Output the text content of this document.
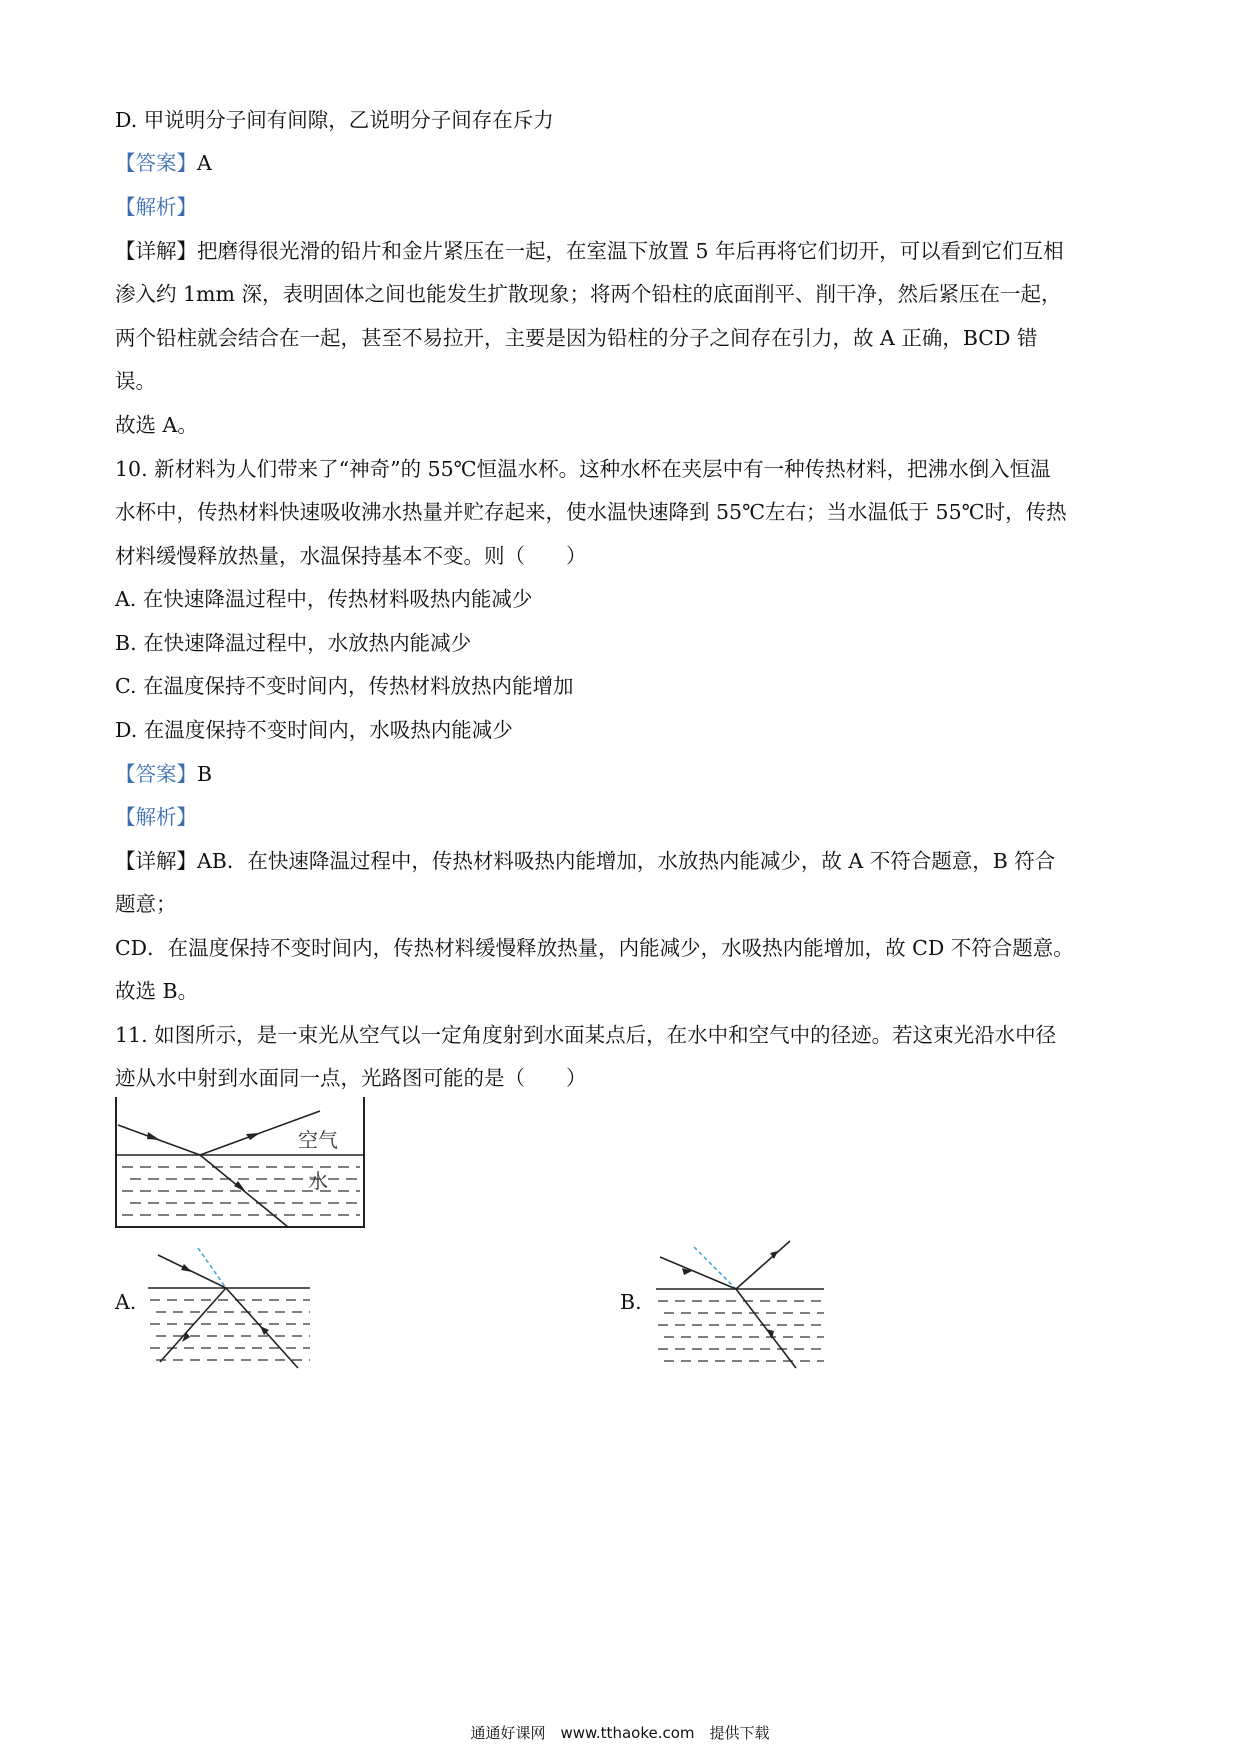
D. 甲说明分子间有间隙，乙说明分子间存在斥力
【答案】A
【解析】
【详解】把磨得很光滑的铅片和金片紧压在一起，在室温下放置 5 年后再将它们切开，可以看到它们互相
渗入约 1mm 深，表明固体之间也能发生扩散现象；将两个铅柱的底面削平、削干净，然后紧压在一起，
两个铅柱就会结合在一起，甚至不易拉开，主要是因为铅柱的分子之间存在引力，故 A 正确，BCD 错
误。
故选 A。
10. 新材料为人们带来了“神奇”的 55℃恒温水杯。这种水杯在夹层中有一种传热材料，把沸水倒入恒温
水杯中，传热材料快速吸收沸水热量并贮存起来，使水温快速降到 55℃左右；当水温低于 55℃时，传热
材料缓慢释放热量，水温保持基本不变。则（　　）
A. 在快速降温过程中，传热材料吸热内能减少
B. 在快速降温过程中，水放热内能减少
C. 在温度保持不变时间内，传热材料放热内能增加
D. 在温度保持不变时间内，水吸热内能减少
【答案】B
【解析】
【详解】AB．在快速降温过程中，传热材料吸热内能增加，水放热内能减少，故 A 不符合题意，B 符合
题意；
CD．在温度保持不变时间内，传热材料缓慢释放热量，内能减少，水吸热内能增加，故 CD 不符合题意。
故选 B。
11. 如图所示，是一束光从空气以一定角度射到水面某点后，在水中和空气中的径迹。若这束光沿水中径
迹从水中射到水面同一点，光路图可能的是（　　）
空气
水
A.	B.
通通好课网　www.tthaoke.com　提供下载
